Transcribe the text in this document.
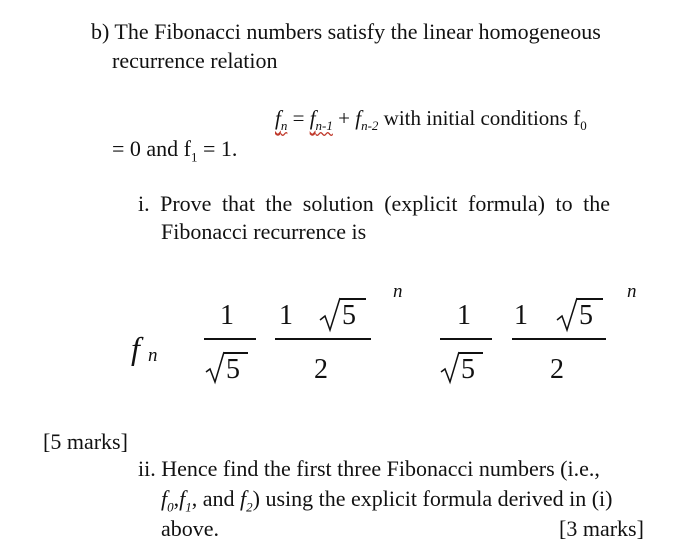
b) The Fibonacci numbers satisfy the linear homogeneous
recurrence relation
$f_n = f_{n-1} + f_{n-2}$ with initial conditions $f_0$
= 0 and $f_1 = 1$.
i. Prove that the solution (explicit formula) to the
Fibonacci recurrence is
f n
1
5
1 5
2
n
1
5
1 5
2
n
[5 marks]
ii. Hence find the first three Fibonacci numbers (i.e.,
$f_0,f_1$, and $f_2$) using the explicit formula derived in (i)
above.	[3 marks]
